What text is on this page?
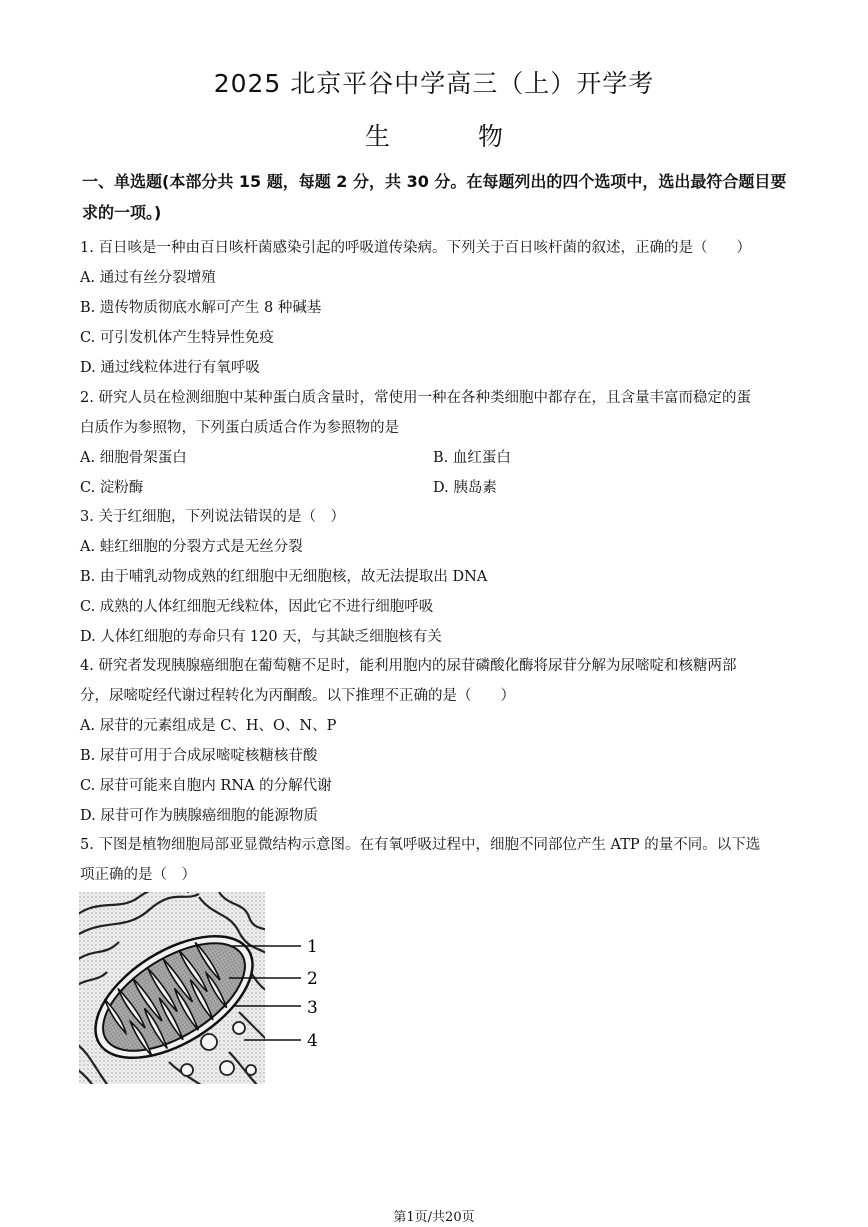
2025 北京平谷中学高三（上）开学考
生 物
一、单选题(本部分共 15 题，每题 2 分，共 30 分。在每题列出的四个选项中，选出最符合题目要求的一项。)
1. 百日咳是一种由百日咳杆菌感染引起的呼吸道传染病。下列关于百日咳杆菌的叙述，正确的是（　　）
A. 通过有丝分裂增殖
B. 遗传物质彻底水解可产生 8 种碱基
C. 可引发机体产生特异性免疫
D. 通过线粒体进行有氧呼吸
2. 研究人员在检测细胞中某种蛋白质含量时，常使用一种在各种类细胞中都存在，且含量丰富而稳定的蛋
白质作为参照物，下列蛋白质适合作为参照物的是
A. 细胞骨架蛋白	B. 血红蛋白
C. 淀粉酶	D. 胰岛素
3. 关于红细胞，下列说法错误的是（　）
A. 蛙红细胞的分裂方式是无丝分裂
B. 由于哺乳动物成熟的红细胞中无细胞核，故无法提取出 DNA
C. 成熟的人体红细胞无线粒体，因此它不进行细胞呼吸
D. 人体红细胞的寿命只有 120 天，与其缺乏细胞核有关
4. 研究者发现胰腺癌细胞在葡萄糖不足时，能利用胞内的尿苷磷酸化酶将尿苷分解为尿嘧啶和核糖两部
分，尿嘧啶经代谢过程转化为丙酮酸。以下推理不正确的是（　　）
A. 尿苷的元素组成是 C、H、O、N、P
B. 尿苷可用于合成尿嘧啶核糖核苷酸
C. 尿苷可能来自胞内 RNA 的分解代谢
D. 尿苷可作为胰腺癌细胞的能源物质
5. 下图是植物细胞局部亚显微结构示意图。在有氧呼吸过程中，细胞不同部位产生 ATP 的量不同。以下选
项正确的是（　）
1
2
3
4
第1页/共20页
